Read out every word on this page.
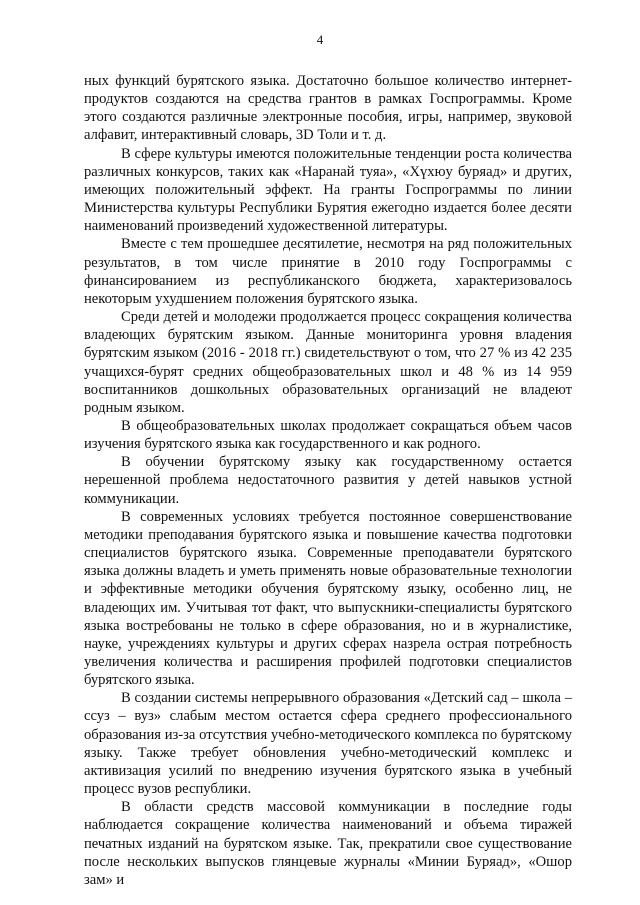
4

ных функций бурятского языка. Достаточно большое количество интернет-продуктов создаются на средства грантов в рамках Госпрограммы. Кроме этого создаются различные электронные пособия, игры, например, звуковой алфавит, интерактивный словарь, 3D Толи и т. д.

В сфере культуры имеются положительные тенденции роста количества различных конкурсов, таких как «Наранай туяа», «Хүхюу буряад» и других, имеющих положительный эффект. На гранты Госпрограммы по линии Министерства культуры Республики Бурятия ежегодно издается более десяти наименований произведений художественной литературы.

Вместе с тем прошедшее десятилетие, несмотря на ряд положительных результатов, в том числе принятие в 2010 году Госпрограммы с финансированием из республиканского бюджета, характеризовалось некоторым ухудшением положения бурятского языка.

Среди детей и молодежи продолжается процесс сокращения количества владеющих бурятским языком. Данные мониторинга уровня владения бурятским языком (2016 - 2018 гг.) свидетельствуют о том, что 27 % из 42 235 учащихся-бурят средних общеобразовательных школ и 48 % из 14 959 воспитанников дошкольных образовательных организаций не владеют родным языком.

В общеобразовательных школах продолжает сокращаться объем часов изучения бурятского языка как государственного и как родного.

В обучении бурятскому языку как государственному остается нерешенной проблема недостаточного развития у детей навыков устной коммуникации.

В современных условиях требуется постоянное совершенствование методики преподавания бурятского языка и повышение качества подготовки специалистов бурятского языка. Современные преподаватели бурятского языка должны владеть и уметь применять новые образовательные технологии и эффективные методики обучения бурятскому языку, особенно лиц, не владеющих им. Учитывая тот факт, что выпускники-специалисты бурятского языка востребованы не только в сфере образования, но и в журналистике, науке, учреждениях культуры и других сферах назрела острая потребность увеличения количества и расширения профилей подготовки специалистов бурятского языка.

В создании системы непрерывного образования «Детский сад – школа – ссуз – вуз» слабым местом остается сфера среднего профессионального образования из-за отсутствия учебно-методического комплекса по бурятскому языку. Также требует обновления учебно-методический комплекс и активизация усилий по внедрению изучения бурятского языка в учебный процесс вузов республики.

В области средств массовой коммуникации в последние годы наблюдается сокращение количества наименований и объема тиражей печатных изданий на бурятском языке. Так, прекратили свое существование после нескольких выпусков глянцевые журналы «Минии Буряад», «Ошор зам» и
